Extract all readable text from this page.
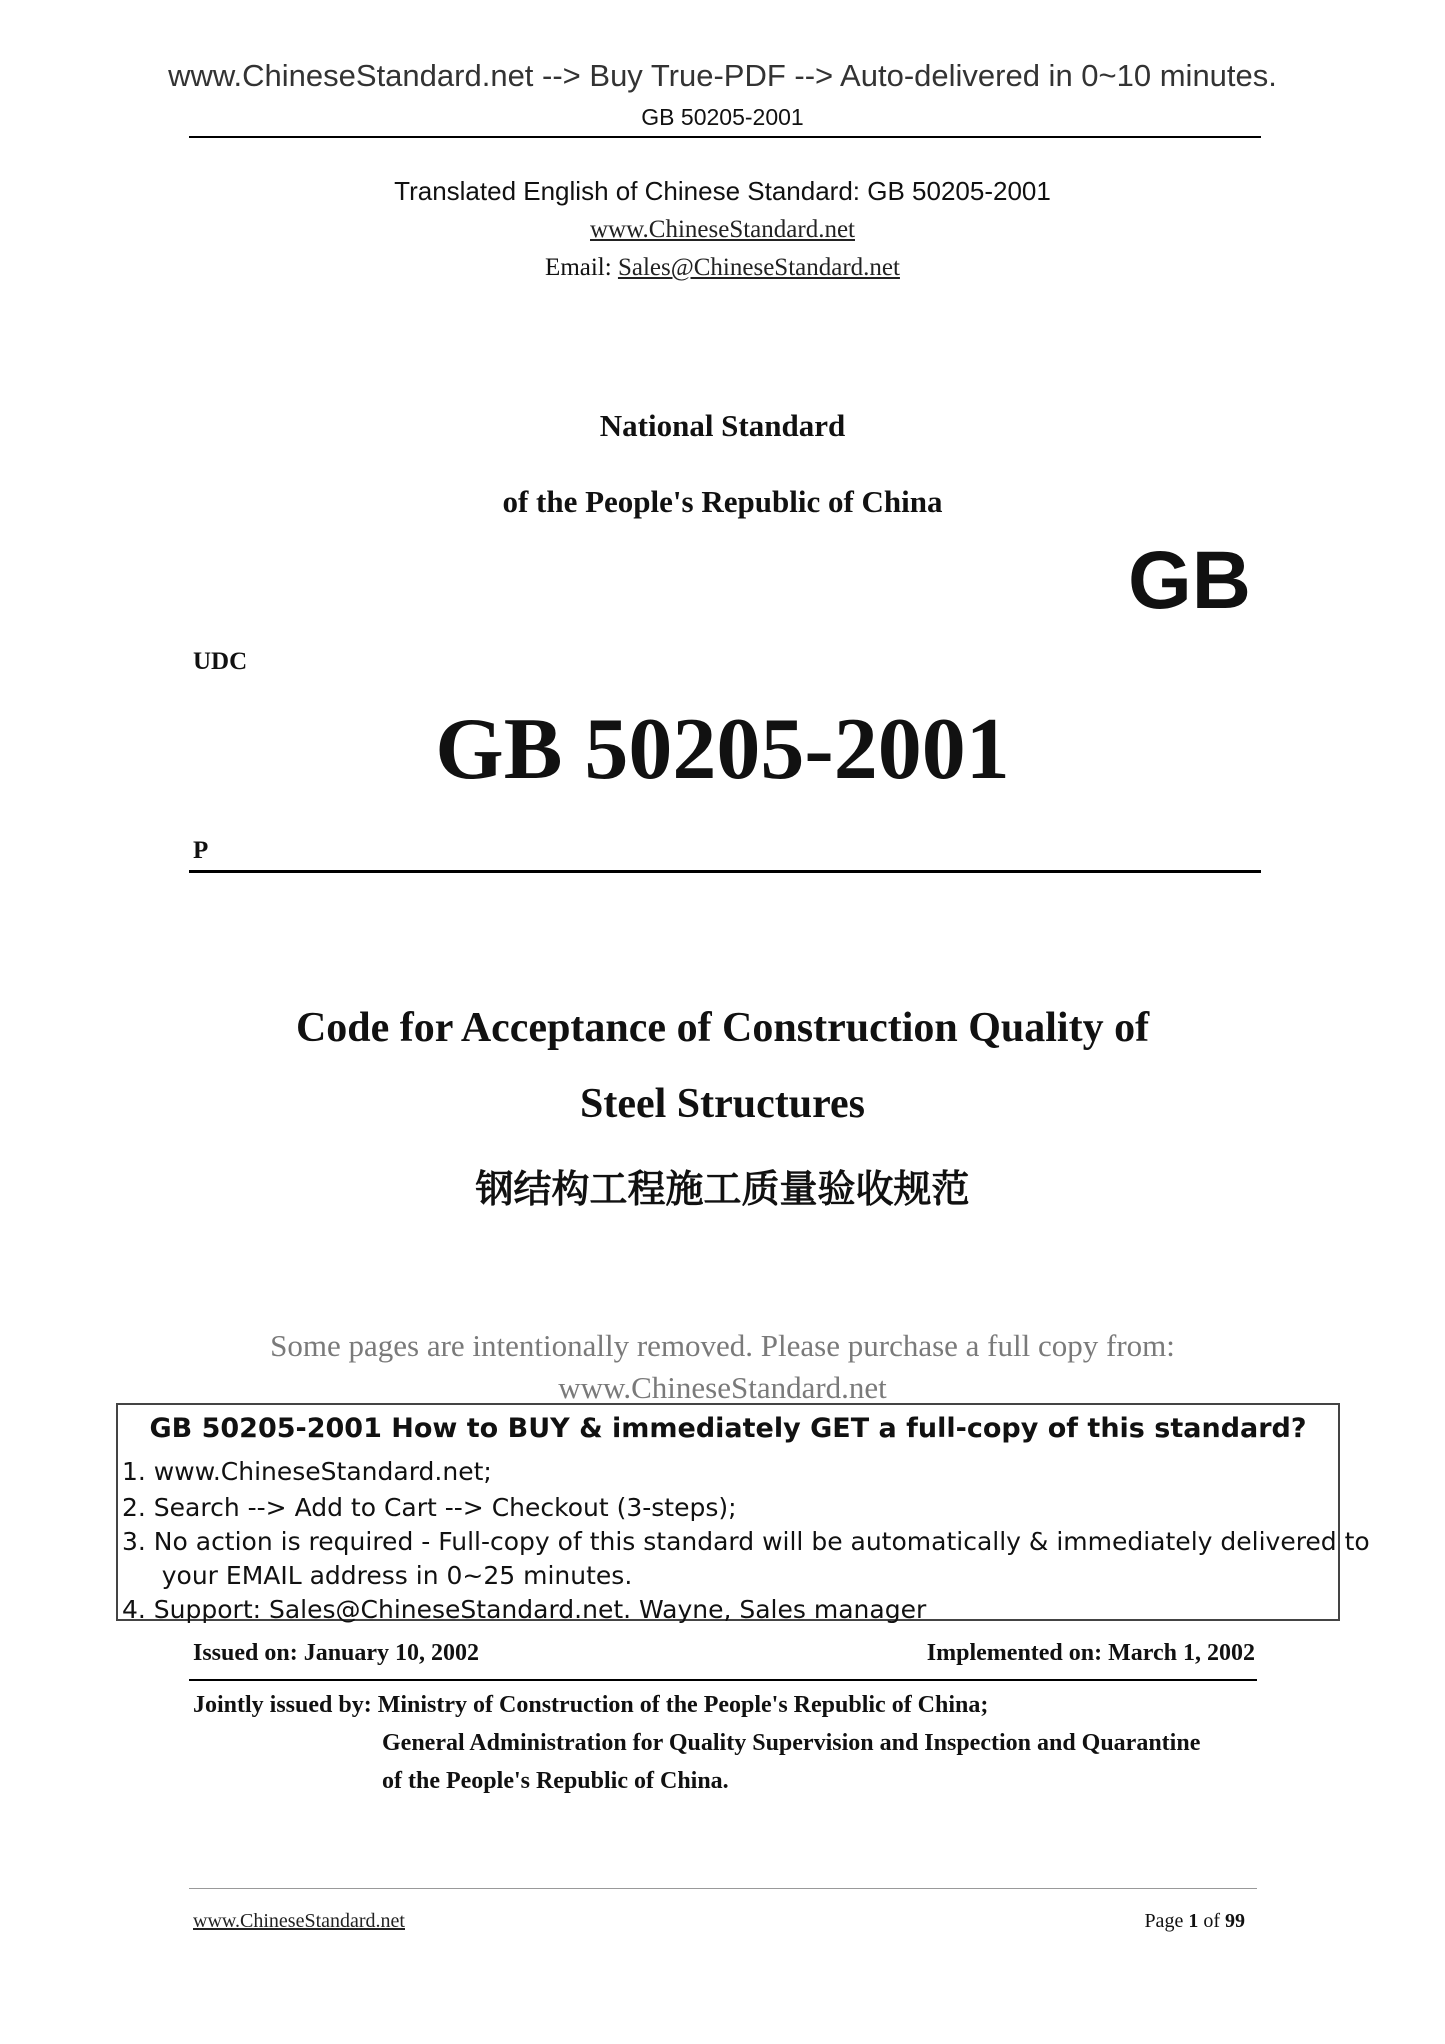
www.ChineseStandard.net --> Buy True-PDF --> Auto-delivered in 0~10 minutes.
GB 50205-2001
Translated English of Chinese Standard: GB 50205-2001
www.ChineseStandard.net
Email: Sales@ChineseStandard.net
National Standard
of the People's Republic of China
GB
UDC
GB 50205-2001
P
Code for Acceptance of Construction Quality of
Steel Structures
钢结构工程施工质量验收规范
Some pages are intentionally removed. Please purchase a full copy from:
www.ChineseStandard.net
GB 50205-2001 How to BUY & immediately GET a full-copy of this standard?
1. www.ChineseStandard.net;
2. Search --> Add to Cart --> Checkout (3-steps);
3. No action is required - Full-copy of this standard will be automatically & immediately delivered to
your EMAIL address in 0~25 minutes.
4. Support: Sales@ChineseStandard.net. Wayne, Sales manager
Issued on: January 10, 2002	Implemented on: March 1, 2002
Jointly issued by: Ministry of Construction of the People's Republic of China;
General Administration for Quality Supervision and Inspection and Quarantine
of the People's Republic of China.
www.ChineseStandard.net	Page 1 of 99
